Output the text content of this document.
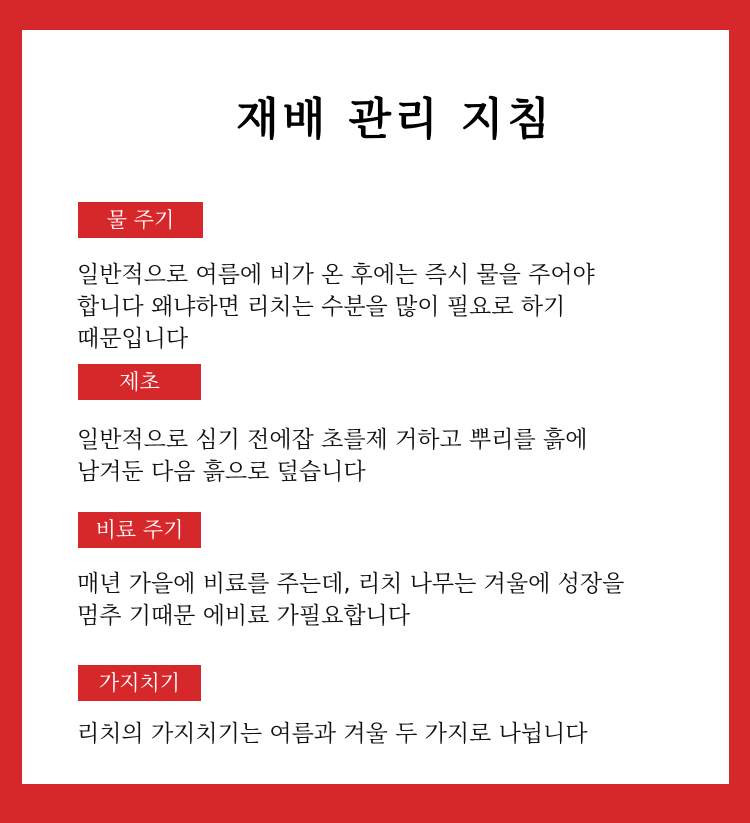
재배 관리 지침
물 주기
일반적으로 여름에 비가 온 후에는 즉시 물을 주어야
합니다 왜냐하면 리치는 수분을 많이 필요로 하기
때문입니다
제초
일반적으로 심기 전에잡 초를제 거하고 뿌리를 흙에
남겨둔 다음 흙으로 덮습니다
비료 주기
매년 가을에 비료를 주는데, 리치 나무는 겨울에 성장을
멈추 기때문 에비료 가필요합니다
가지치기
리치의 가지치기는 여름과 겨울 두 가지로 나뉩니다
